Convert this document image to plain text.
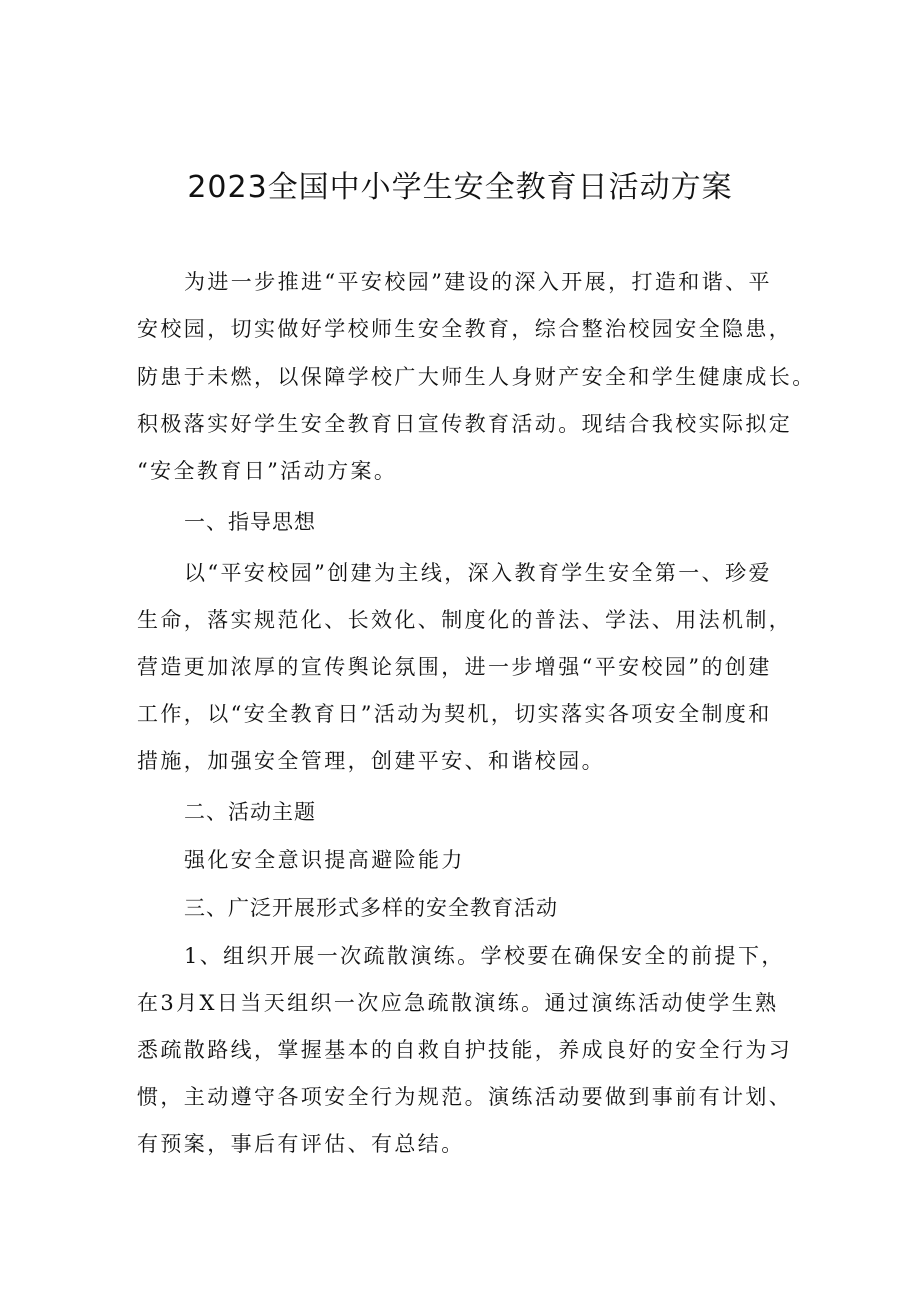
2023全国中小学生安全教育日活动方案

为进一步推进“平安校园”建设的深入开展，打造和谐、平

安校园，切实做好学校师生安全教育，综合整治校园安全隐患，

防患于未燃，以保障学校广大师生人身财产安全和学生健康成长。

积极落实好学生安全教育日宣传教育活动。现结合我校实际拟定

“安全教育日”活动方案。

一、指导思想

以“平安校园”创建为主线，深入教育学生安全第一、珍爱

生命，落实规范化、长效化、制度化的普法、学法、用法机制，

营造更加浓厚的宣传舆论氛围，进一步增强“平安校园”的创建

工作，以“安全教育日”活动为契机，切实落实各项安全制度和

措施，加强安全管理，创建平安、和谐校园。

二、活动主题

强化安全意识提高避险能力

三、广泛开展形式多样的安全教育活动

1、组织开展一次疏散演练。学校要在确保安全的前提下，

在3月X日当天组织一次应急疏散演练。通过演练活动使学生熟

悉疏散路线，掌握基本的自救自护技能，养成良好的安全行为习

惯，主动遵守各项安全行为规范。演练活动要做到事前有计划、

有预案，事后有评估、有总结。
